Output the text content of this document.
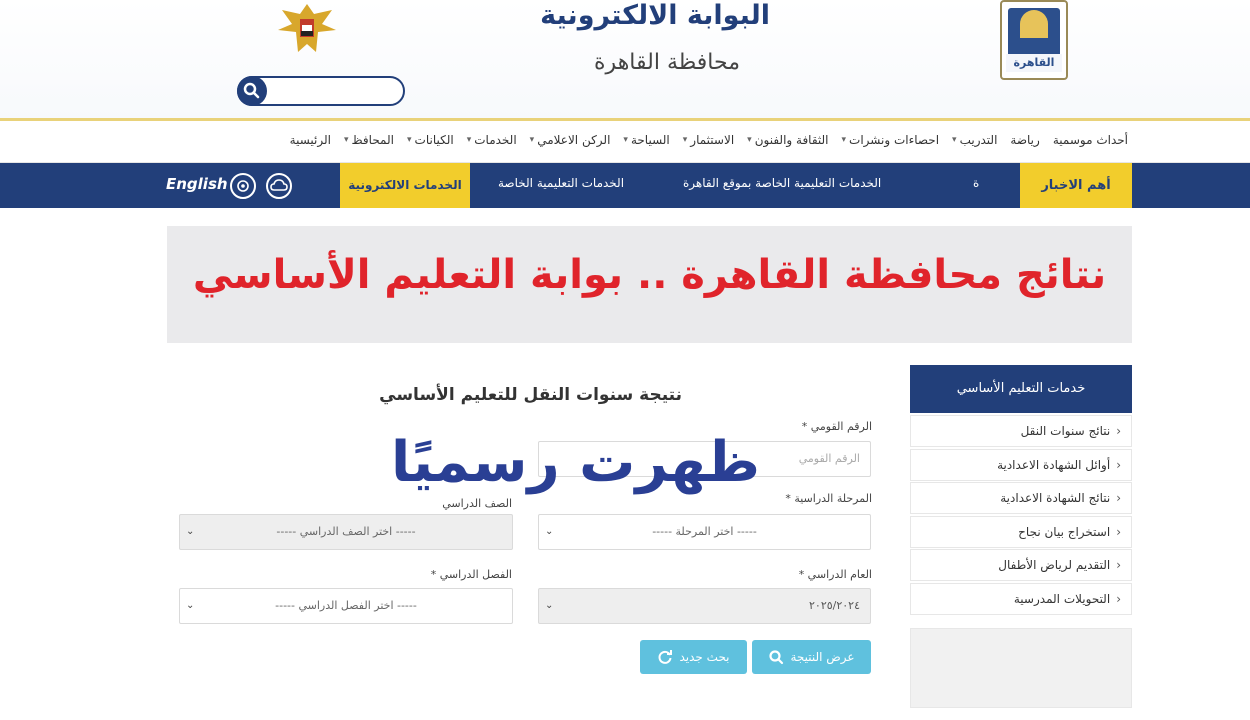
البوابة الالكترونية
محافظة القاهرة	القاهرة
الرئيسية المحافظ
▾	الكيانات
▾	الخدمات
▾	الركن الاعلامي
▾	السياحة
▾	الاستثمار
▾	الثقافة والفنون
▾	احصاءات ونشرات
▾	التدريب
▾	رياضة أحداث موسمية
أهم الاخبار
ة
الخدمات التعليمية الخاصة بموقع القاهرة
الخدمات التعليمية الخاصة
الخدمات الالكترونية
English
نتائج محافظة القاهرة .. بوابة التعليم الأساسي
خدمات التعليم الأساسي
‹نتائج سنوات النقل
‹أوائل الشهادة الاعدادية
‹نتائج الشهادة الاعدادية
‹استخراج بيان نجاح
‹التقديم لرياض الأطفال
‹التحويلات المدرسية
نتيجة سنوات النقل للتعليم الأساسي
الرقم القومي *
الرقم القومي
المرحلة الدراسية *
⌄	----- اختر المرحلة -----
الصف الدراسي
⌄	----- اختر الصف الدراسي -----
العام الدراسي *
⌄	٢٠٢٥/٢٠٢٤
الفصل الدراسي *
⌄	----- اختر الفصل الدراسي -----
عرض النتيجة
بحث جديد
ظهرت رسميًا
